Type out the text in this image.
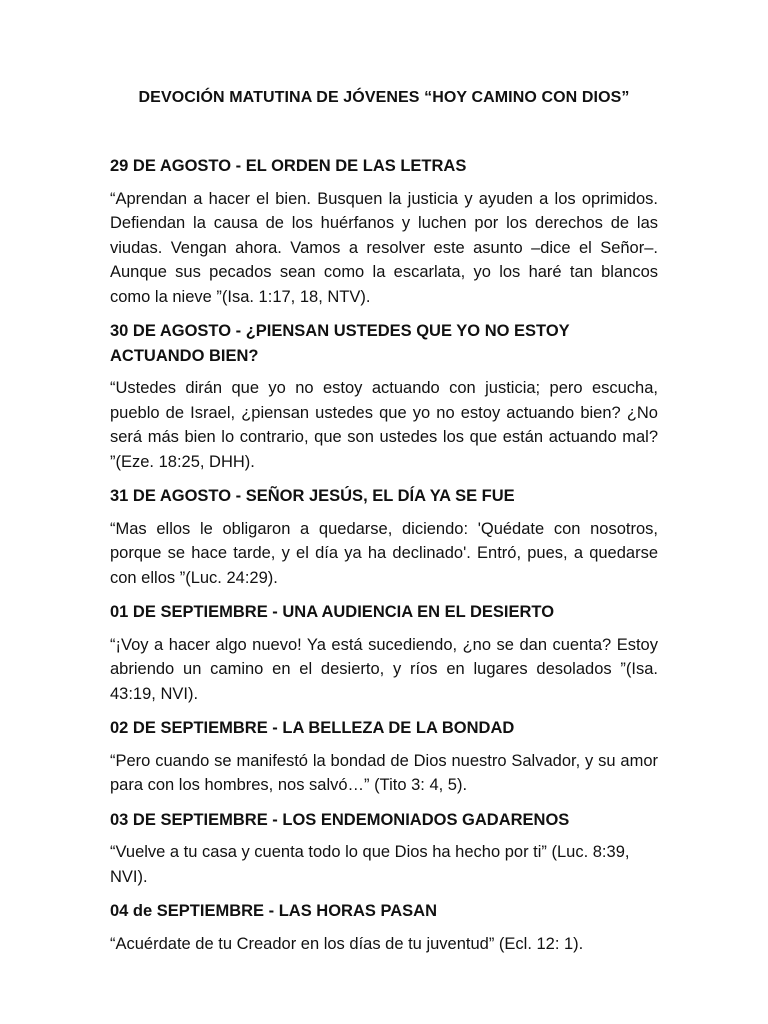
DEVOCIÓN MATUTINA DE JÓVENES “HOY CAMINO CON DIOS”
29 DE AGOSTO - EL ORDEN DE LAS LETRAS
“Aprendan a hacer el bien. Busquen la justicia y ayuden a los oprimidos. Defiendan la causa de los huérfanos y luchen por los derechos de las viudas. Vengan ahora. Vamos a resolver este asunto –dice el Señor–. Aunque sus pecados sean como la escarlata, yo los haré tan blancos como la nieve ”(Isa. 1:17, 18, NTV).
30 DE AGOSTO - ¿PIENSAN USTEDES QUE YO NO ESTOY ACTUANDO BIEN?
“Ustedes dirán que yo no estoy actuando con justicia; pero escucha, pueblo de Israel, ¿piensan ustedes que yo no estoy actuando bien? ¿No será más bien lo contrario, que son ustedes los que están actuando mal? ”(Eze. 18:25, DHH).
31 DE AGOSTO - SEÑOR JESÚS, EL DÍA YA SE FUE
“Mas ellos le obligaron a quedarse, diciendo: 'Quédate con nosotros, porque se hace tarde, y el día ya ha declinado'. Entró, pues, a quedarse con ellos ”(Luc. 24:29).
01 DE SEPTIEMBRE - UNA AUDIENCIA EN EL DESIERTO
“¡Voy a hacer algo nuevo! Ya está sucediendo, ¿no se dan cuenta? Estoy abriendo un camino en el desierto, y ríos en lugares desolados ”(Isa. 43:19, NVI).
02 DE SEPTIEMBRE - LA BELLEZA DE LA BONDAD
“Pero cuando se manifestó la bondad de Dios nuestro Salvador, y su amor para con los hombres, nos salvó…” (Tito 3: 4, 5).
03 DE SEPTIEMBRE - LOS ENDEMONIADOS GADARENOS
“Vuelve a tu casa y cuenta todo lo que Dios ha hecho por ti” (Luc. 8:39, NVI).
04 de SEPTIEMBRE - LAS HORAS PASAN
“Acuérdate de tu Creador en los días de tu juventud” (Ecl. 12: 1).
